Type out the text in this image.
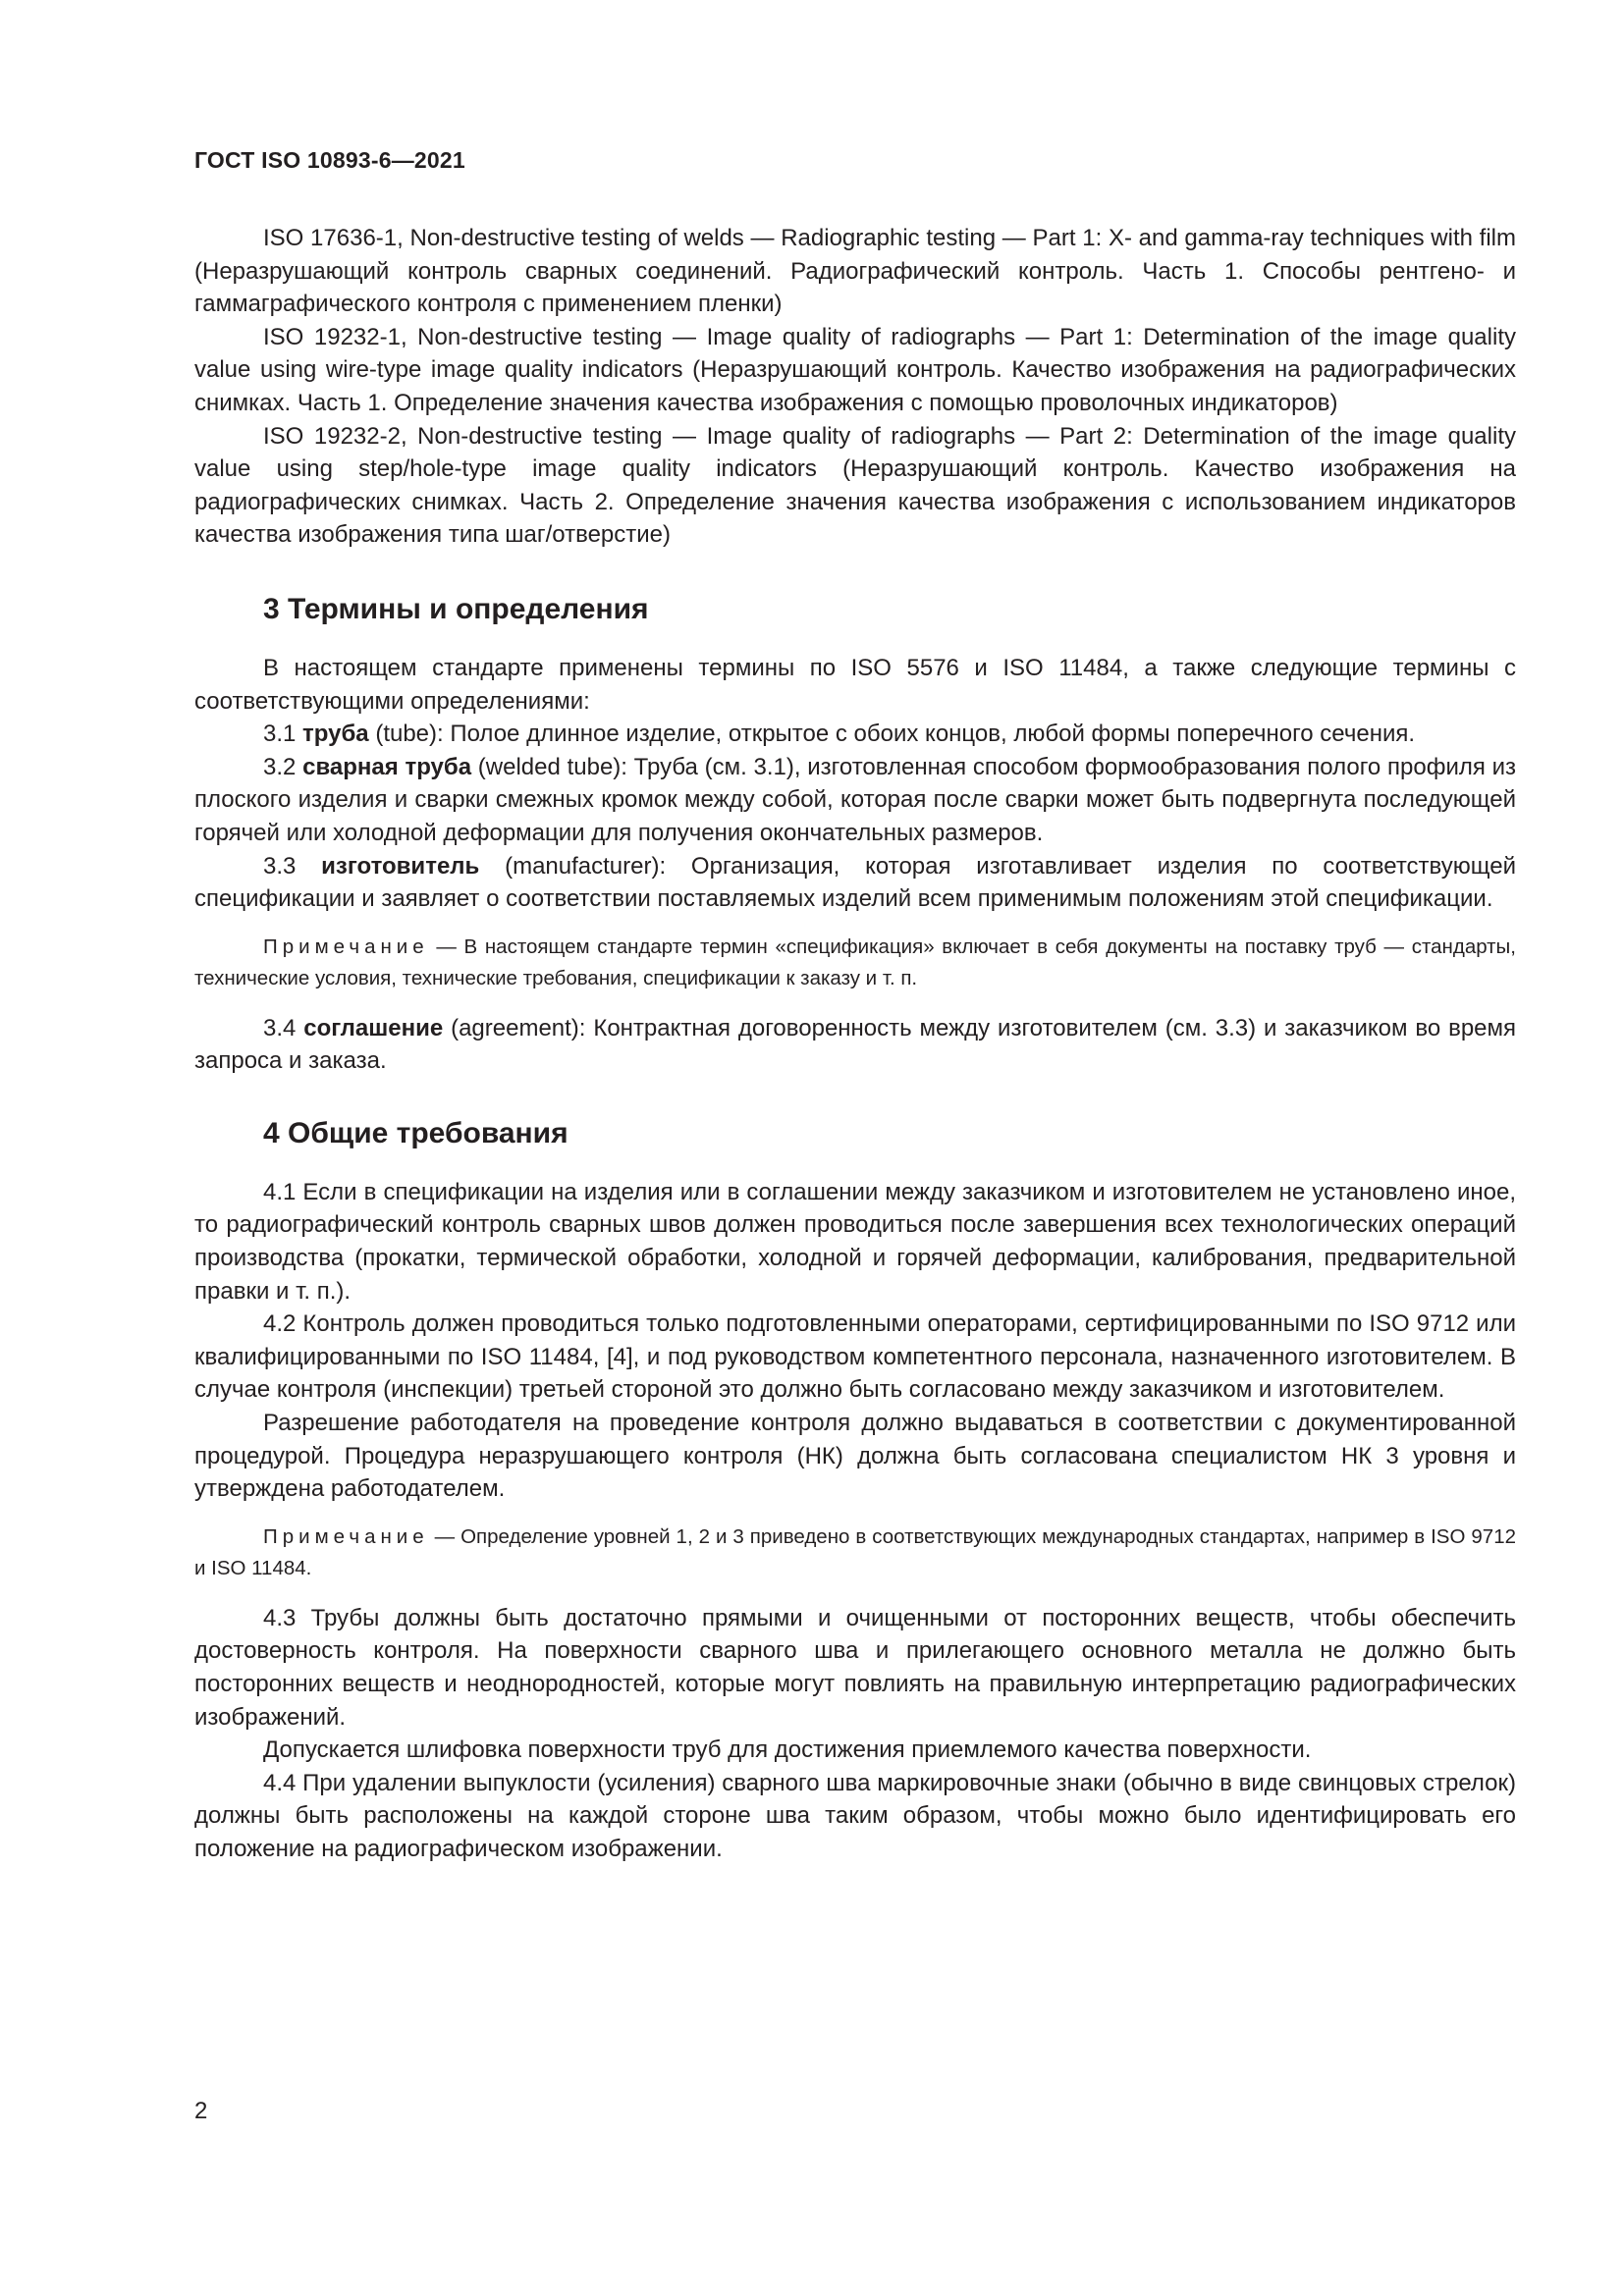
ГОСТ ISO 10893-6—2021

ISO 17636-1, Non-destructive testing of welds — Radiographic testing — Part 1: X- and gamma-ray techniques with film (Неразрушающий контроль сварных соединений. Радиографический контроль. Часть 1. Способы рентгено- и гаммаграфического контроля с применением пленки)

ISO 19232-1, Non-destructive testing — Image quality of radiographs — Part 1: Determination of the image quality value using wire-type image quality indicators (Неразрушающий контроль. Качество изображения на радиографических снимках. Часть 1. Определение значения качества изображения с помощью проволочных индикаторов)

ISO 19232-2, Non-destructive testing — Image quality of radiographs — Part 2: Determination of the image quality value using step/hole-type image quality indicators (Неразрушающий контроль. Качество изображения на радиографических снимках. Часть 2. Определение значения качества изображения с использованием индикаторов качества изображения типа шаг/отверстие)

3 Термины и определения

В настоящем стандарте применены термины по ISO 5576 и ISO 11484, а также следующие термины с соответствующими определениями:

3.1 труба (tube): Полое длинное изделие, открытое с обоих концов, любой формы поперечного сечения.

3.2 сварная труба (welded tube): Труба (см. 3.1), изготовленная способом формообразования полого профиля из плоского изделия и сварки смежных кромок между собой, которая после сварки может быть подвергнута последующей горячей или холодной деформации для получения окончательных размеров.

3.3 изготовитель (manufacturer): Организация, которая изготавливает изделия по соответствующей спецификации и заявляет о соответствии поставляемых изделий всем применимым положениям этой спецификации.

Примечание — В настоящем стандарте термин «спецификация» включает в себя документы на поставку труб — стандарты, технические условия, технические требования, спецификации к заказу и т. п.

3.4 соглашение (agreement): Контрактная договоренность между изготовителем (см. 3.3) и заказчиком во время запроса и заказа.

4 Общие требования

4.1 Если в спецификации на изделия или в соглашении между заказчиком и изготовителем не установлено иное, то радиографический контроль сварных швов должен проводиться после завершения всех технологических операций производства (прокатки, термической обработки, холодной и горячей деформации, калибрования, предварительной правки и т. п.).

4.2 Контроль должен проводиться только подготовленными операторами, сертифицированными по ISO 9712 или квалифицированными по ISO 11484, [4], и под руководством компетентного персонала, назначенного изготовителем. В случае контроля (инспекции) третьей стороной это должно быть согласовано между заказчиком и изготовителем.

Разрешение работодателя на проведение контроля должно выдаваться в соответствии с документированной процедурой. Процедура неразрушающего контроля (НК) должна быть согласована специалистом НК 3 уровня и утверждена работодателем.

Примечание — Определение уровней 1, 2 и 3 приведено в соответствующих международных стандартах, например в ISO 9712 и ISO 11484.

4.3 Трубы должны быть достаточно прямыми и очищенными от посторонних веществ, чтобы обеспечить достоверность контроля. На поверхности сварного шва и прилегающего основного металла не должно быть посторонних веществ и неоднородностей, которые могут повлиять на правильную интерпретацию радиографических изображений.

Допускается шлифовка поверхности труб для достижения приемлемого качества поверхности.

4.4 При удалении выпуклости (усиления) сварного шва маркировочные знаки (обычно в виде свинцовых стрелок) должны быть расположены на каждой стороне шва таким образом, чтобы можно было идентифицировать его положение на радиографическом изображении.

2
